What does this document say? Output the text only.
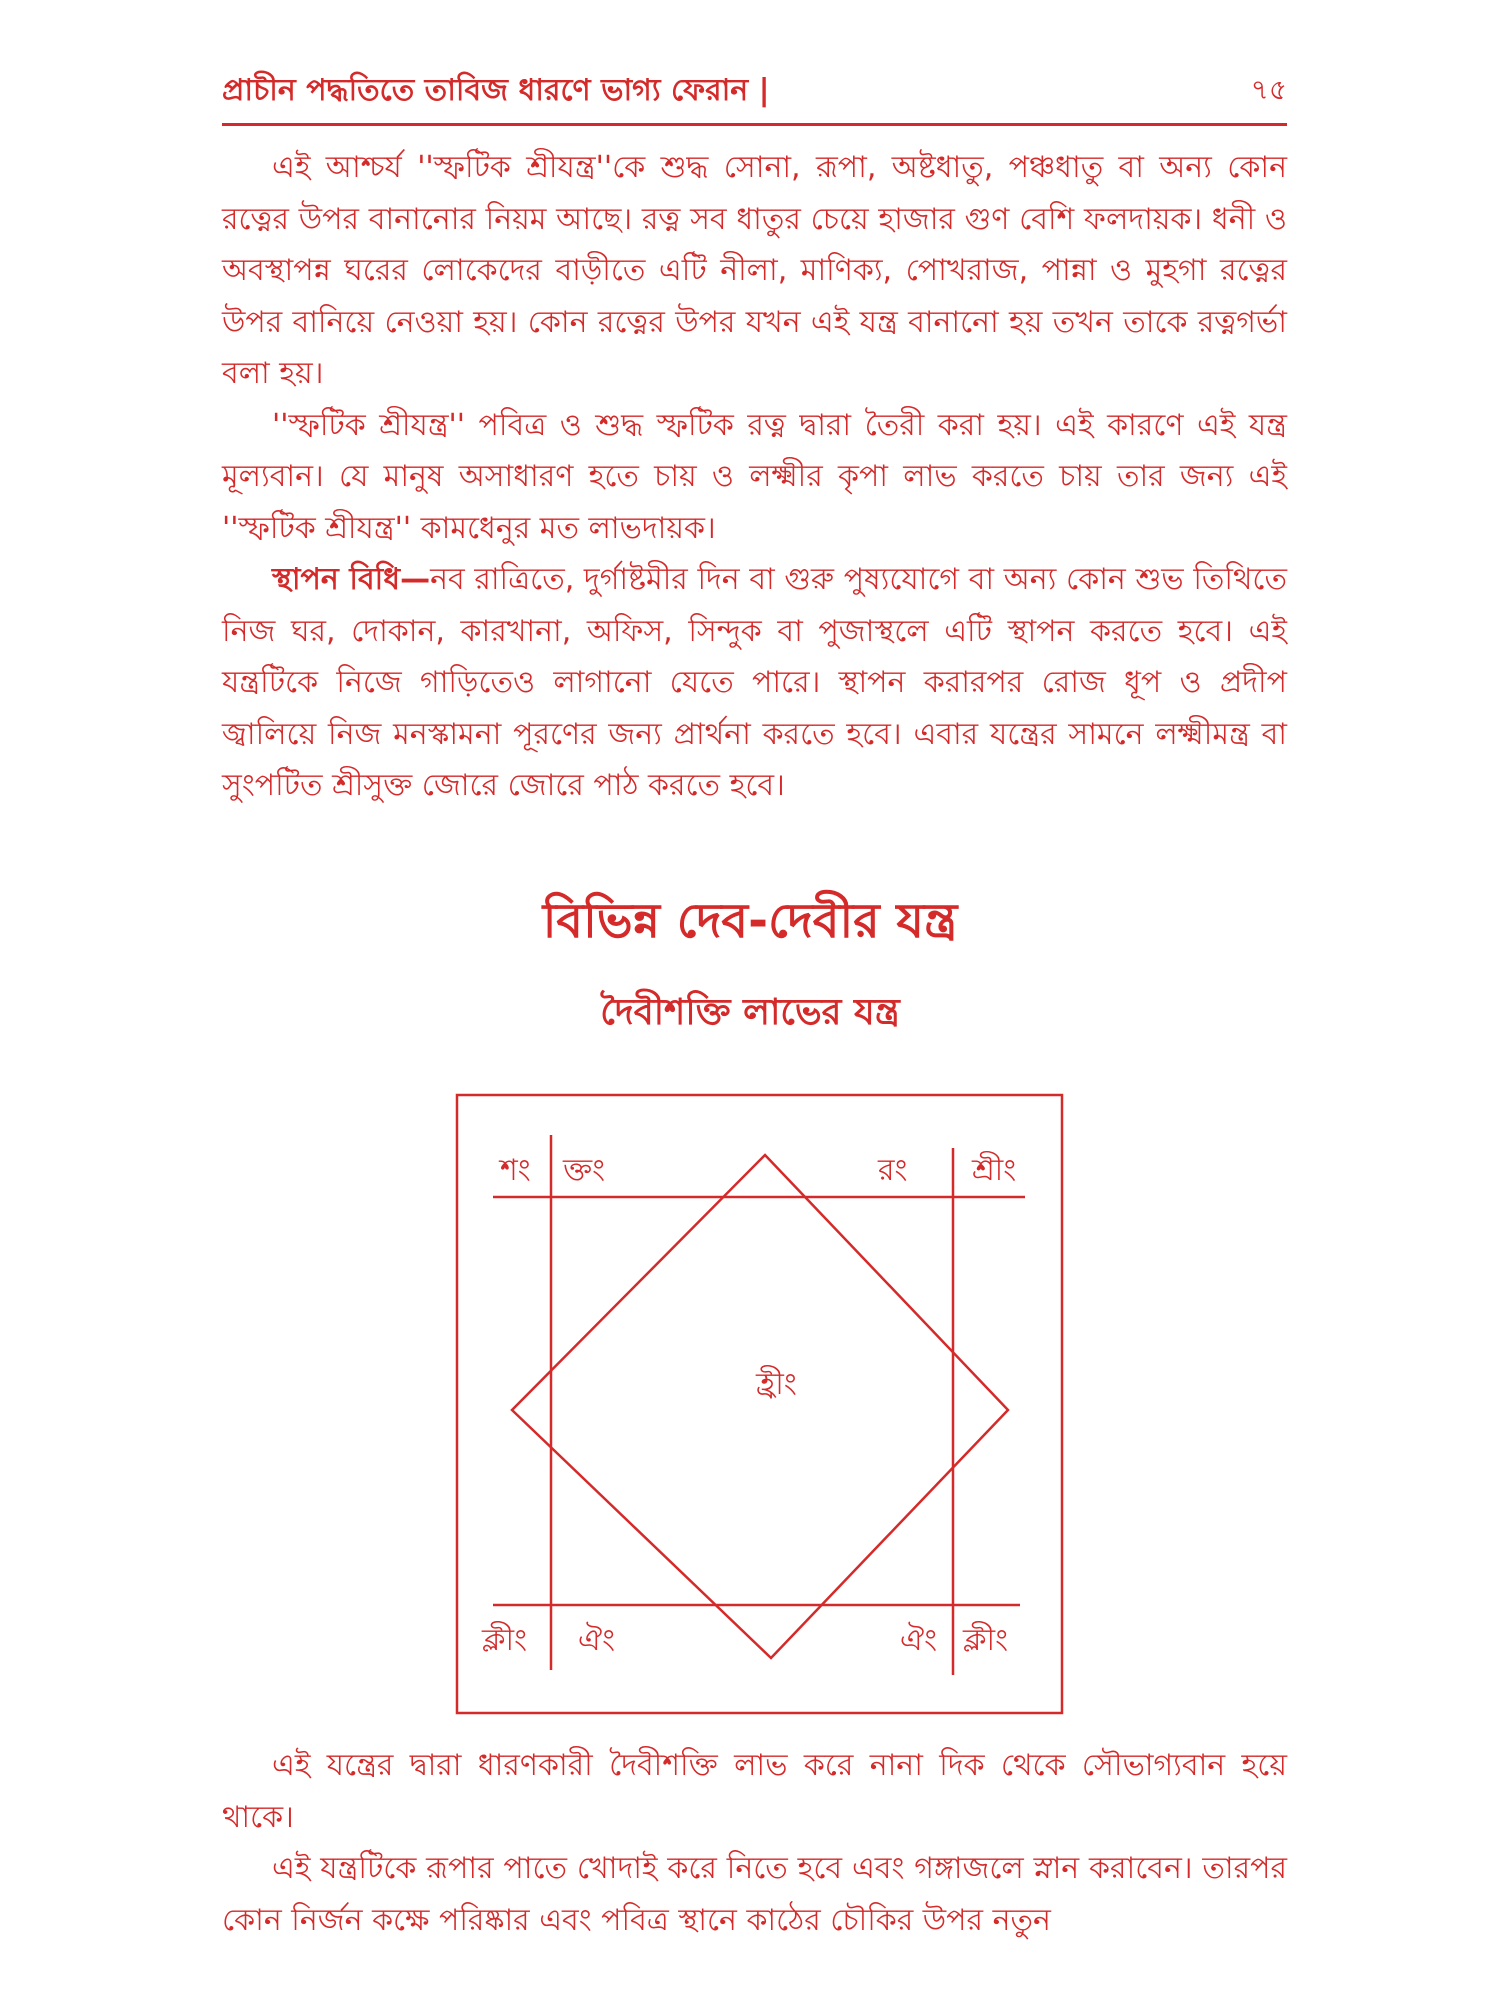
প্রাচীন পদ্ধতিতে তাবিজ ধারণে ভাগ্য ফেরান |	৭৫

এই আশ্চর্য ''স্ফটিক শ্রীযন্ত্র''কে শুদ্ধ সোনা, রূপা, অষ্টধাতু, পঞ্চধাতু বা অন্য কোন রত্নের উপর বানানোর নিয়ম আছে। রত্ন সব ধাতুর চেয়ে হাজার গুণ বেশি ফলদায়ক। ধনী ও অবস্থাপন্ন ঘরের লোকেদের বাড়ীতে এটি নীলা, মাণিক্য, পোখরাজ, পান্না ও মুহগা রত্নের উপর বানিয়ে নেওয়া হয়। কোন রত্নের উপর যখন এই যন্ত্র বানানো হয় তখন তাকে রত্নগর্ভা বলা হয়।

''স্ফটিক শ্রীযন্ত্র'' পবিত্র ও শুদ্ধ স্ফটিক রত্ন দ্বারা তৈরী করা হয়। এই কারণে এই যন্ত্র মূল্যবান। যে মানুষ অসাধারণ হতে চায় ও লক্ষ্মীর কৃপা লাভ করতে চায় তার জন্য এই ''স্ফটিক শ্রীযন্ত্র'' কামধেনুর মত লাভদায়ক।

স্থাপন বিধি—নব রাত্রিতে, দুর্গাষ্টমীর দিন বা গুরু পুষ্যযোগে বা অন্য কোন শুভ তিথিতে নিজ ঘর, দোকান, কারখানা, অফিস, সিন্দুক বা পুজাস্থলে এটি স্থাপন করতে হবে। এই যন্ত্রটিকে নিজে গাড়িতেও লাগানো যেতে পারে। স্থাপন করারপর রোজ ধূপ ও প্রদীপ জ্বালিয়ে নিজ মনস্কামনা পূরণের জন্য প্রার্থনা করতে হবে। এবার যন্ত্রের সামনে লক্ষ্মীমন্ত্র বা সুংপটিত শ্রীসুক্ত জোরে জোরে পাঠ করতে হবে।

বিভিন্ন দেব-দেবীর যন্ত্র
দৈবীশক্তি লাভের যন্ত্র
শং ক্তং	রং শ্রীং
হ্রীং
ক্লীং ঐং	ঐং ক্লীং

এই যন্ত্রের দ্বারা ধারণকারী দৈবীশক্তি লাভ করে নানা দিক থেকে সৌভাগ্যবান হয়ে থাকে।

এই যন্ত্রটিকে রূপার পাতে খোদাই করে নিতে হবে এবং গঙ্গাজলে স্নান করাবেন। তারপর কোন নির্জন কক্ষে পরিষ্কার এবং পবিত্র স্থানে কাঠের চৌকির উপর নতুন
